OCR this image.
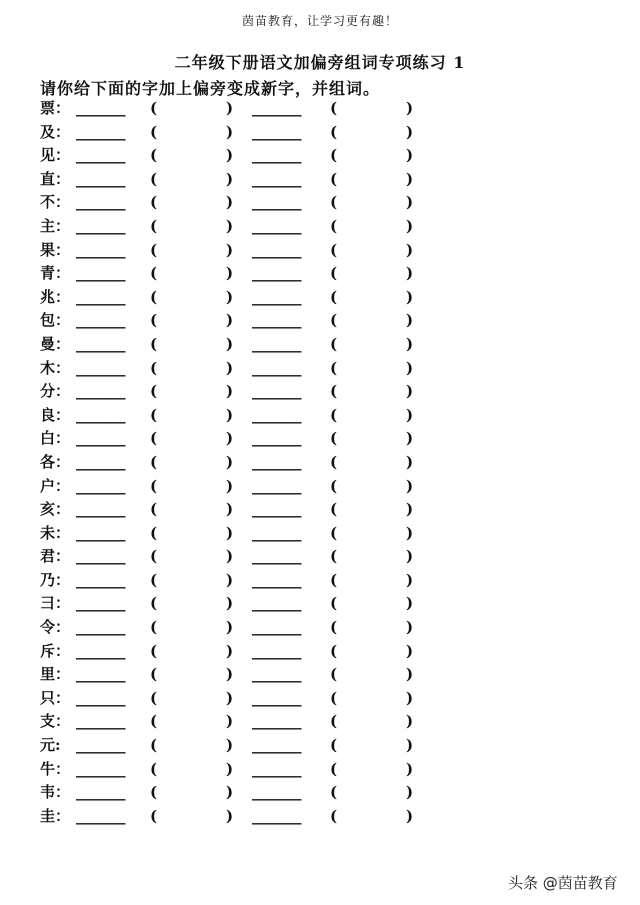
茵苗教育，让学习更有趣！
二年级下册语文加偏旁组词专项练习 1
请你给下面的字加上偏旁变成新字，并组词。
票： _______ (	) _______ (	)
及： _______ (	) _______ (	)
见： _______ (	) _______ (	)
直： _______ (	) _______ (	)
不： _______ (	) _______ (	)
主： _______ (	) _______ (	)
果： _______ (	) _______ (	)
青： _______ (	) _______ (	)
兆： _______ (	) _______ (	)
包： _______ (	) _______ (	)
曼： _______ (	) _______ (	)
木： _______ (	) _______ (	)
分： _______ (	) _______ (	)
良： _______ (	) _______ (	)
白： _______ (	) _______ (	)
各： _______ (	) _______ (	)
户： _______ (	) _______ (	)
亥： _______ (	) _______ (	)
未： _______ (	) _______ (	)
君： _______ (	) _______ (	)
乃： _______ (	) _______ (	)
彐： _______ (	) _______ (	)
令： _______ (	) _______ (	)
斥： _______ (	) _______ (	)
里： _______ (	) _______ (	)
只： _______ (	) _______ (	)
支： _______ (	) _______ (	)
元: _______ (	) _______ (	)
牛： _______ (	) _______ (	)
韦： _______ (	) _______ (	)
圭： _______ (	) _______ (	)
头条 @茵苗教育
